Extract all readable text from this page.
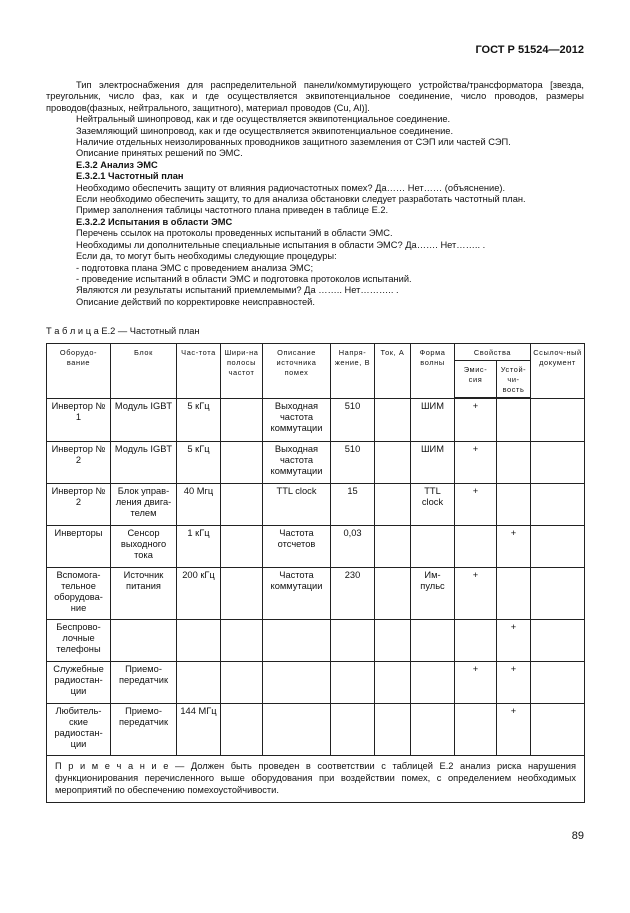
ГОСТ Р 51524—2012

Тип электроснабжения для распределительной панели/коммутирующего устройства/трансформатора [звезда, треугольник, число фаз, как и где осуществляется эквипотенциальное соединение, число проводов, размеры проводов(фазных, нейтрального, защитного), материал проводов (Cu, Al)].

Нейтральный шинопровод, как и где осуществляется эквипотенциальное соединение.

Заземляющий шинопровод, как и где осуществляется эквипотенциальное соединение.

Наличие отдельных неизолированных проводников защитного заземления от СЭП или частей СЭП.

Описание принятых решений по ЭМС.

Е.3.2 Анализ ЭМС

Е.3.2.1 Частотный план

Необходимо обеспечить защиту от влияния радиочастотных помех? Да…… Нет…… (объяснение).

Если необходимо обеспечить защиту, то для анализа обстановки следует разработать частотный план.

Пример заполнения таблицы частотного плана приведен в таблице Е.2.

Е.3.2.2 Испытания в области ЭМС

Перечень ссылок на протоколы проведенных испытаний в области ЭМС.

Необходимы ли дополнительные специальные испытания в области ЭМС? Да……. Нет…….. .

Если да, то могут быть необходимы следующие процедуры:

- подготовка плана ЭМС с проведением анализа ЭМС;

- проведение испытаний в области ЭМС и подготовка протоколов испытаний.

Являются ли результаты испытаний приемлемыми? Да …….. Нет……….. .

Описание действий по корректировке неисправностей.

Т а б л и ц а Е.2 — Частотный план
Оборудо-вание	Блок	Час-тота	Шири-на полосы частот	Описание источника помех	Напря-жение, В	Ток, А	Форма волны	Свойства		Ссылоч-ный документ
								Эмис-сия	Устой-чи-вость	
Инвертор № 1	Модуль IGBT	5 кГц		Выходная частота коммутации	510		ШИМ	+		
Инвертор № 2	Модуль IGBT	5 кГц		Выходная частота коммутации	510		ШИМ	+		
Инвертор № 2	Блок управ-ления двига-телем	40 Мгц		TTL clock	15		TTL clock	+		
Инверторы	Сенсор выходного тока	1 кГц		Частота отсчетов	0,03				+	
Вспомога-тельное оборудова-ние	Источник питания	200 кГц		Частота коммутации	230		Им-пульс	+		
Беспрово-лочные телефоны									+	
Служебные радиостан-ции	Приемо-передатчик							+	+	
Любитель-ские радиостан-ции	Приемо-передатчик	144 МГц							+	
П р и м е ч а н и е — Должен быть проведен в соответствии с таблицей Е.2 анализ риска нарушения функционирования перечисленного выше оборудования при воздействии помех, с определением необходимых мероприятий по обеспечению помехоустойчивости.										
89
